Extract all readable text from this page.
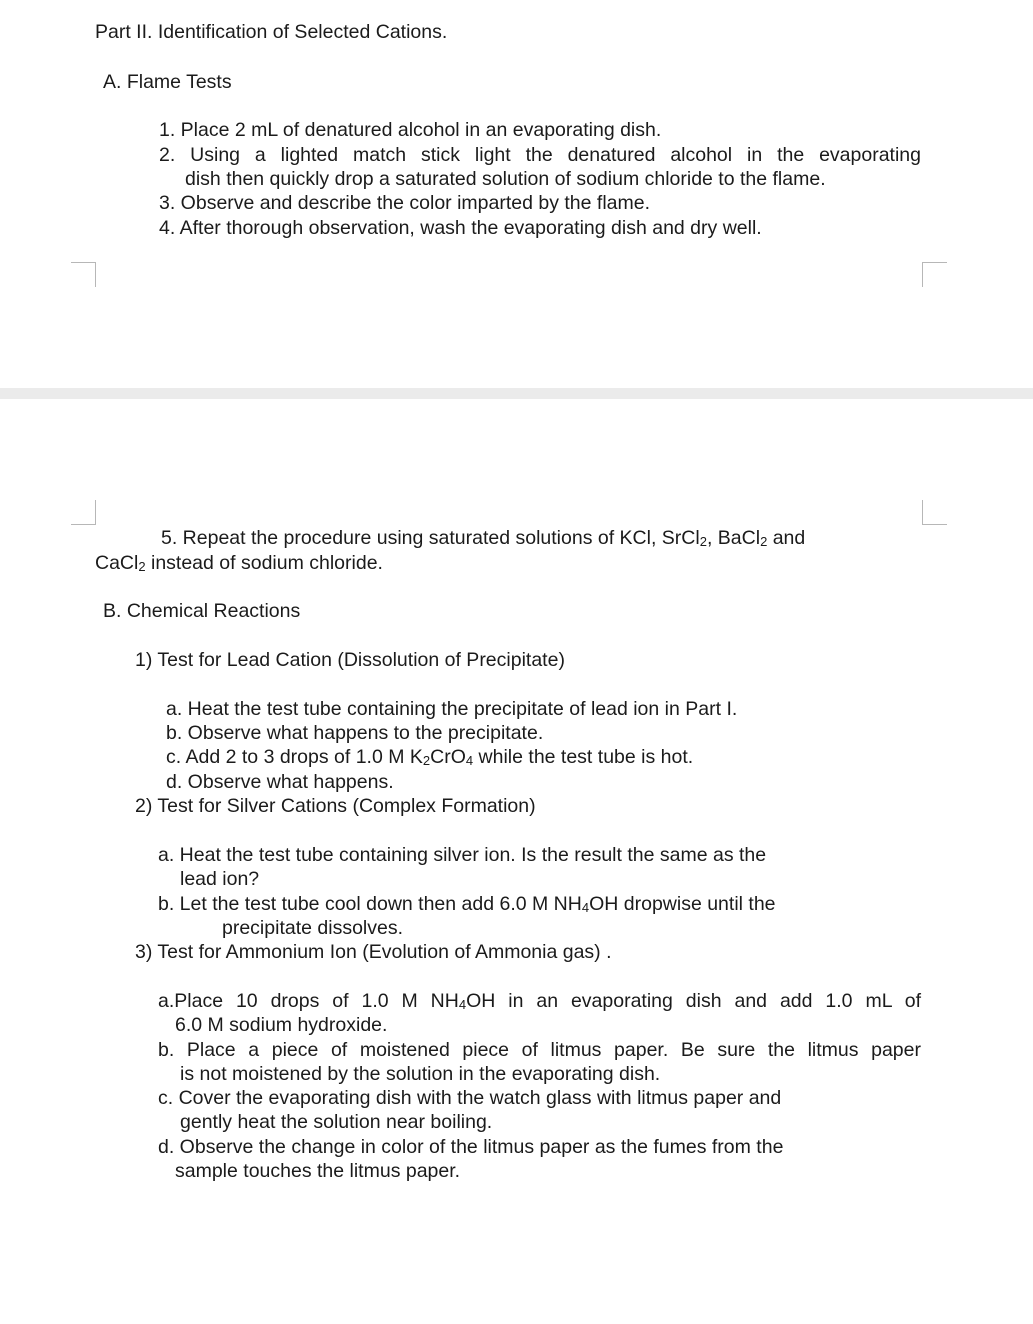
Part II. Identification of Selected Cations.
A. Flame Tests
1. Place 2 mL of denatured alcohol in an evaporating dish.
2. Using a lighted match stick light the denatured alcohol in the evaporating
dish then quickly drop a saturated solution of sodium chloride to the flame.
3. Observe and describe the color imparted by the flame.
4. After thorough observation, wash the evaporating dish and dry well.
5. Repeat the procedure using saturated solutions of KCl, SrCl$_2$, BaCl$_2$ and
CaCl$_2$ instead of sodium chloride.
B. Chemical Reactions
1) Test for Lead Cation (Dissolution of Precipitate)
a. Heat the test tube containing the precipitate of lead ion in Part I.
b. Observe what happens to the precipitate.
c. Add 2 to 3 drops of 1.0 M $K_2CrO_4$ while the test tube is hot.
d. Observe what happens.
2) Test for Silver Cations (Complex Formation)
a. Heat the test tube containing silver ion. Is the result the same as the
lead ion?
b. Let the test tube cool down then add 6.0 M $NH_4OH$ dropwise until the
precipitate dissolves.
3) Test for Ammonium Ion (Evolution of Ammonia gas) .
a.Place 10 drops of 1.0 M $NH_4OH$ in an evaporating dish and add 1.0 mL of
6.0 M sodium hydroxide.
b. Place a piece of moistened piece of litmus paper. Be sure the litmus paper
is not moistened by the solution in the evaporating dish.
c. Cover the evaporating dish with the watch glass with litmus paper and
gently heat the solution near boiling.
d. Observe the change in color of the litmus paper as the fumes from the
sample touches the litmus paper.
